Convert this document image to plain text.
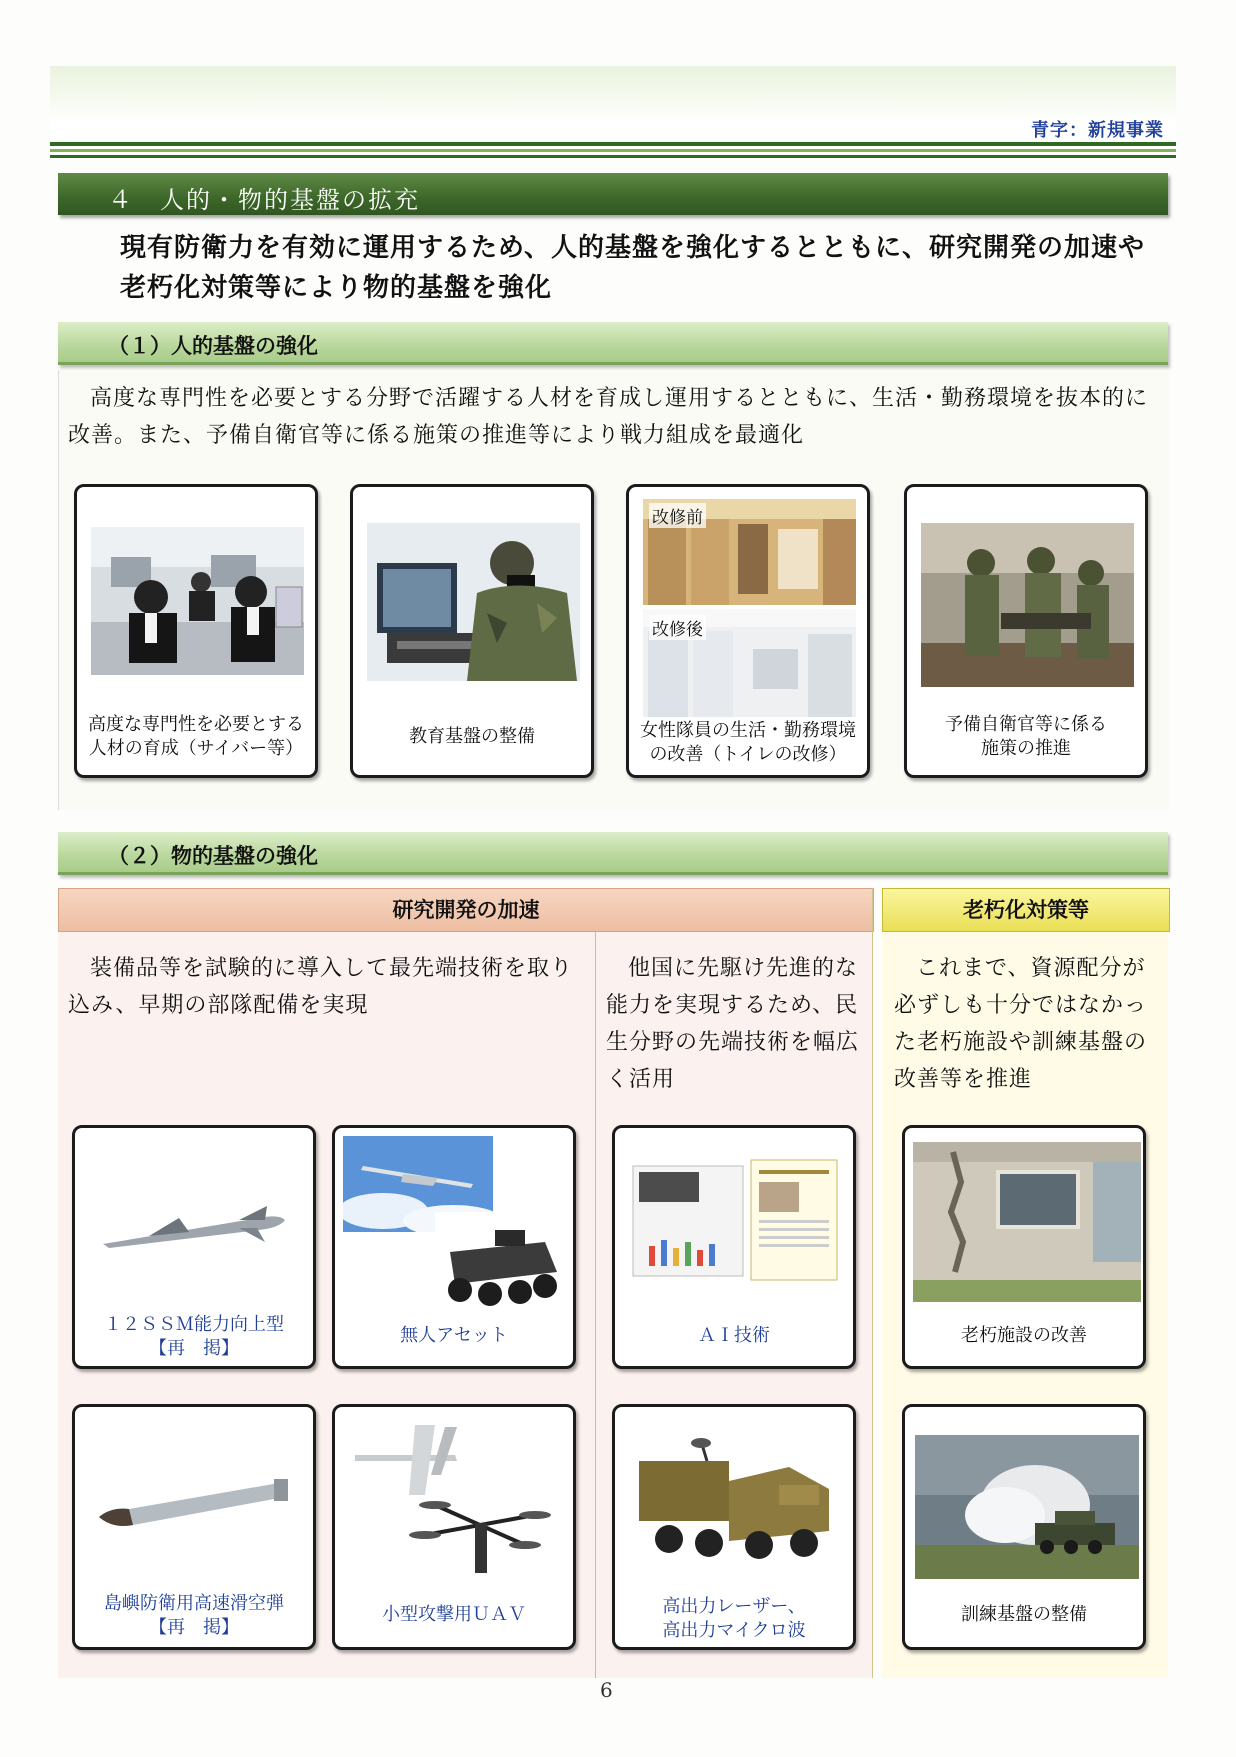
青字：新規事業
４　人的・物的基盤の拡充
現有防衛力を有効に運用するため、人的基盤を強化するとともに、研究開発の加速や老朽化対策等により物的基盤を強化
（１）人的基盤の強化
高度な専門性を必要とする分野で活躍する人材を育成し運用するとともに、生活・勤務環境を抜本的に改善。また、予備自衛官等に係る施策の推進等により戦力組成を最適化
高度な専門性を必要とする
人材の育成（サイバー等）
教育基盤の整備
改修前
改修後
女性隊員の生活・勤務環境
の改善（トイレの改修）
予備自衛官等に係る
施策の推進
（２）物的基盤の強化
研究開発の加速	老朽化対策等
装備品等を試験的に導入して最先端技術を取り込み、早期の部隊配備を実現
他国に先駆け先進的な能力を実現するため、民生分野の先端技術を幅広く活用
これまで、資源配分が必ずしも十分ではなかった老朽施設や訓練基盤の改善等を推進
１２ＳＳＭ能力向上型
【再　掲】
無人アセット	ＡＩ技術	老朽施設の改善
島嶼防衛用高速滑空弾
【再　掲】
小型攻撃用ＵＡＶ	高出力レーザー、
高出力マイクロ波
訓練基盤の整備
6
